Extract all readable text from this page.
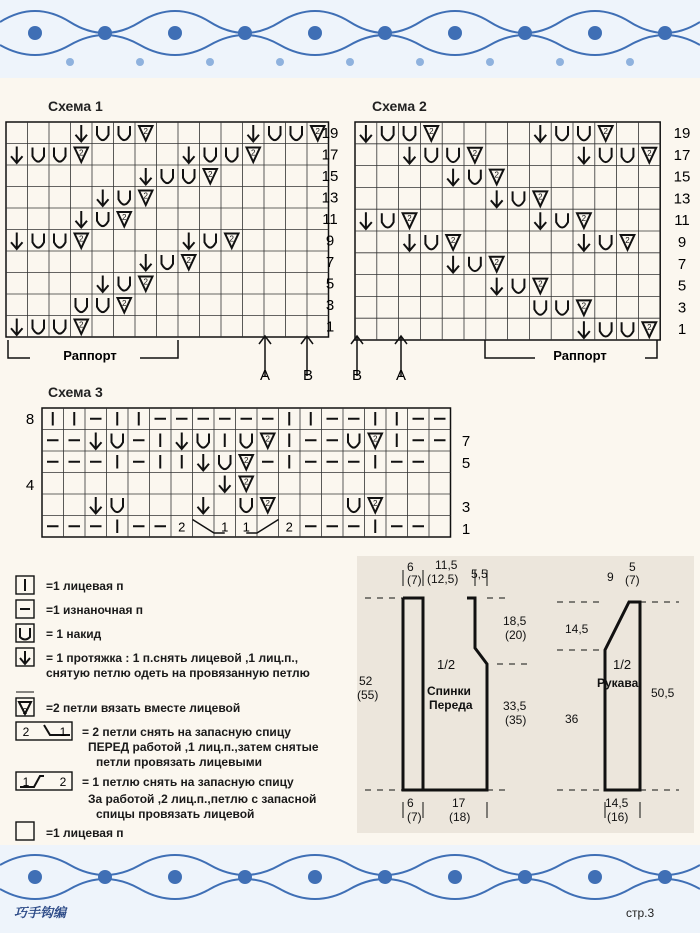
Схема 1
2	2
2	2
2
2
2
2	2
2
2
2
2
19
17
15
13
11
9
7
5
3
1
Раппорт
A B
Схема 2
2	2
2	2
2
2
2	2
2	2
2
2
2
2
19
17
15
13
11
9
7
5
3
1
Раппорт
B A
Схема 3
2	2
2
2
2	2
2	1 1	2
8
4
7
5
3
1
2	1
1	2
2
=1 лицевая п
=1 изнаночная п
= 1 накид
= 1 протяжка : 1 п.снять лицевой ,1 лиц.п.,
снятую петлю одеть на провязанную петлю
=2 петли вязать вместе лицевой
= 2 петли снять на запасную спицу
ПЕРЕД работой ,1 лиц.п.,затем снятые
петли провязать лицевыми
= 1 петлю снять на запасную спицу
За работой ,2 лиц.п.,петлю с запасной
спицы провязать лицевой
=1 лицевая п
6
(7)
11,5
(12,5) 5,5
52
(55)
18,5
(20)
33,5
(35)
1/2
Спинки
Переда
6
(7)
17
(18)
9
5
(7)
14,5
36
50,5
1/2
Рукава
14,5
(16)
巧手钩编	стр.3
